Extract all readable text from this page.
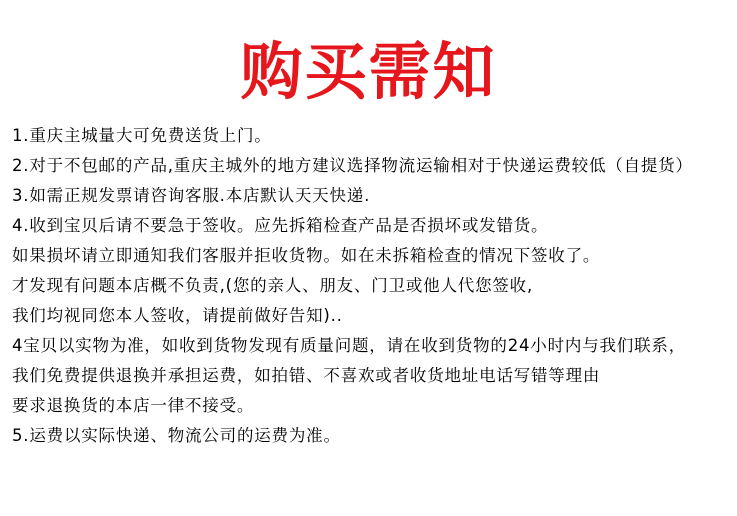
购买需知
1.重庆主城量大可免费送货上门。
2.对于不包邮的产品,重庆主城外的地方建议选择物流运输相对于快递运费较低（自提货）
3.如需正规发票请咨询客服.本店默认天天快递.
4.收到宝贝后请不要急于签收。应先拆箱检查产品是否损坏或发错货。
如果损坏请立即通知我们客服并拒收货物。如在未拆箱检查的情况下签收了。
才发现有问题本店概不负责,(您的亲人、朋友、门卫或他人代您签收,
我们均视同您本人签收，请提前做好告知)..
4宝贝以实物为准，如收到货物发现有质量问题，请在收到货物的24小时内与我们联系，
我们免费提供退换并承担运费，如拍错、不喜欢或者收货地址电话写错等理由
要求退换货的本店一律不接受。
5.运费以实际快递、物流公司的运费为准。
